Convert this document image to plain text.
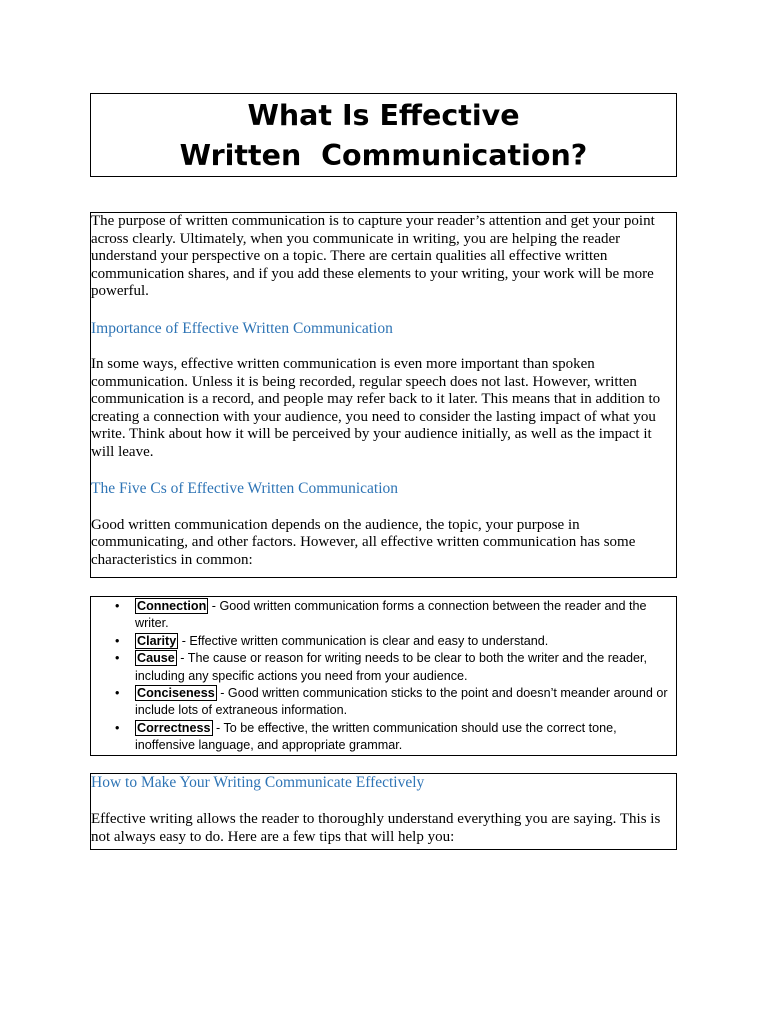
What Is Effective
Written  Communication?

The purpose of written communication is to capture your reader’s attention and get your point across clearly. Ultimately, when you communicate in writing, you are helping the reader understand your perspective on a topic. There are certain qualities all effective written communication shares, and if you add these elements to your writing, your work will be more powerful.

Importance of Effective Written Communication

In some ways, effective written communication is even more important than spoken communication. Unless it is being recorded, regular speech does not last. However, written communication is a record, and people may refer back to it later. This means that in addition to creating a connection with your audience, you need to consider the lasting impact of what you write. Think about how it will be perceived by your audience initially, as well as the impact it will leave.

The Five Cs of Effective Written Communication

Good written communication depends on the audience, the topic, your purpose in communicating, and other factors. However, all effective written communication has some characteristics in common:

• Connection - Good written communication forms a connection between the reader and the writer.
• Clarity - Effective written communication is clear and easy to understand.
• Cause - The cause or reason for writing needs to be clear to both the writer and the reader, including any specific actions you need from your audience.
• Conciseness - Good written communication sticks to the point and doesn’t meander around or include lots of extraneous information.
• Correctness - To be effective, the written communication should use the correct tone, inoffensive language, and appropriate grammar.

How to Make Your Writing Communicate Effectively

Effective writing allows the reader to thoroughly understand everything you are saying. This is not always easy to do. Here are a few tips that will help you:
